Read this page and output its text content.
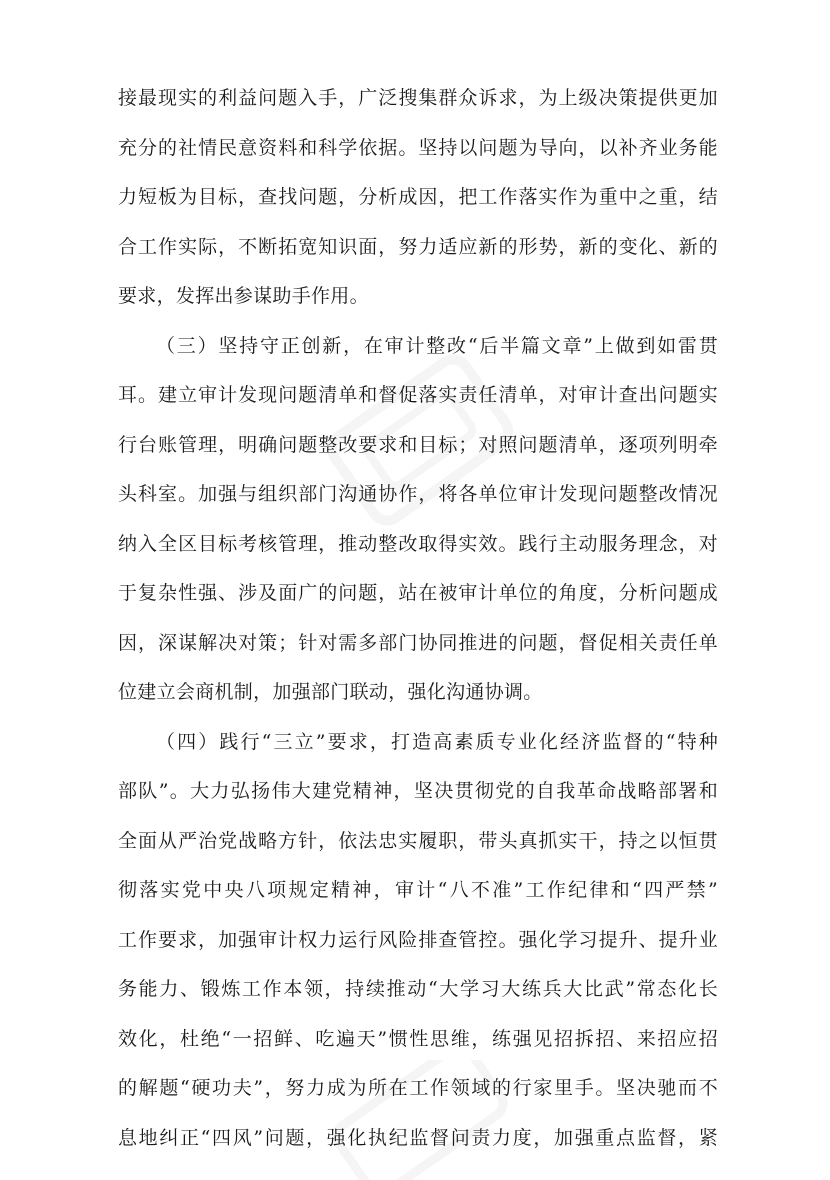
接最现实的利益问题入手，广泛搜集群众诉求，为上级决策提供更加
充分的社情民意资料和科学依据。坚持以问题为导向，以补齐业务能
力短板为目标，查找问题，分析成因，把工作落实作为重中之重，结
合工作实际，不断拓宽知识面，努力适应新的形势，新的变化、新的
要求，发挥出参谋助手作用。

（三）坚持守正创新，在审计整改“后半篇文章”上做到如雷贯
耳。建立审计发现问题清单和督促落实责任清单，对审计查出问题实
行台账管理，明确问题整改要求和目标；对照问题清单，逐项列明牵
头科室。加强与组织部门沟通协作，将各单位审计发现问题整改情况
纳入全区目标考核管理，推动整改取得实效。践行主动服务理念，对
于复杂性强、涉及面广的问题，站在被审计单位的角度，分析问题成
因，深谋解决对策；针对需多部门协同推进的问题，督促相关责任单
位建立会商机制，加强部门联动，强化沟通协调。

（四）践行“三立”要求，打造高素质专业化经济监督的“特种
部队”。大力弘扬伟大建党精神，坚决贯彻党的自我革命战略部署和
全面从严治党战略方针，依法忠实履职，带头真抓实干，持之以恒贯
彻落实党中央八项规定精神，审计“八不准”工作纪律和“四严禁”
工作要求，加强审计权力运行风险排查管控。强化学习提升、提升业
务能力、锻炼工作本领，持续推动“大学习大练兵大比武”常态化长
效化，杜绝“一招鲜、吃遍天”惯性思维，练强见招拆招、来招应招
的解题“硬功夫”，努力成为所在工作领域的行家里手。坚决驰而不
息地纠正“四风”问题，强化执纪监督问责力度，加强重点监督，紧
